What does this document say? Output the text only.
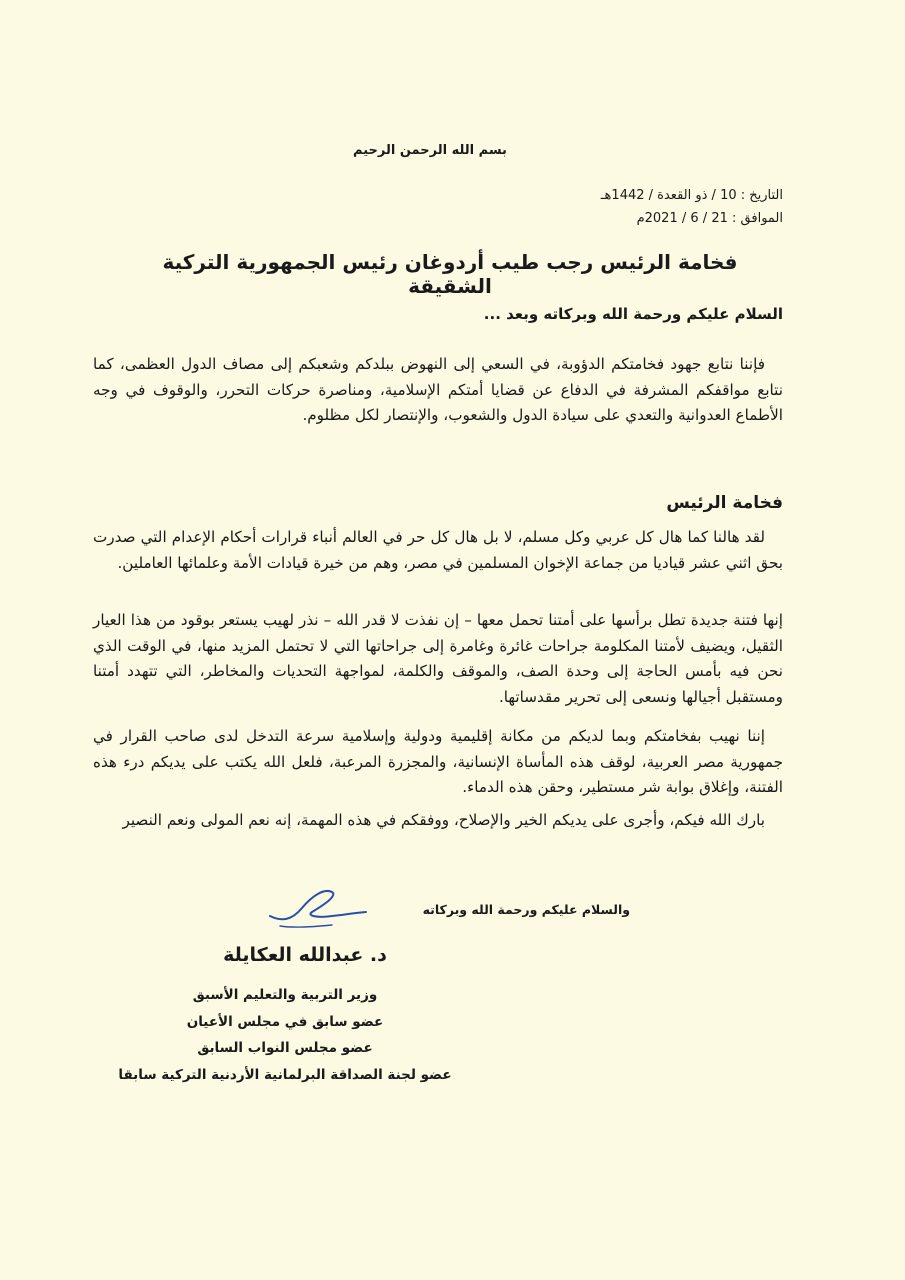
بسم الله الرحمن الرحيم
التاريخ : 10 / ذو القعدة / 1442هـ
الموافق : 21 / 6 / 2021م
فخامة الرئيس رجب طيب أردوغان رئيس الجمهورية التركية الشقيقة
السلام عليكم ورحمة الله وبركاته وبعد ...
فإننا نتابع جهود فخامتكم الدؤوبة، في السعي إلى النهوض ببلدكم وشعبكم إلى مصاف الدول العظمى، كما نتابع مواقفكم المشرفة في الدفاع عن قضايا أمتكم الإسلامية، ومناصرة حركات التحرر، والوقوف في وجه الأطماع العدوانية والتعدي على سيادة الدول والشعوب، والإنتصار لكل مظلوم.
فخامة الرئيس
لقد هالنا كما هال كل عربي وكل مسلم، لا بل هال كل حر في العالم أنباء قرارات أحكام الإعدام التي صدرت بحق اثني عشر قياديا من جماعة الإخوان المسلمين في مصر، وهم من خيرة قيادات الأمة وعلمائها العاملين.
إنها فتنة جديدة تطل برأسها على أمتنا تحمل معها – إن نفذت لا قدر الله – نذر لهيب يستعر بوقود من هذا العيار الثقيل، ويضيف لأمتنا المكلومة جراحات غائرة وغامرة إلى جراحاتها التي لا تحتمل المزيد منها، في الوقت الذي نحن فيه بأمس الحاجة إلى وحدة الصف، والموقف والكلمة، لمواجهة التحديات والمخاطر، التي تتهدد أمتنا ومستقبل أجيالها ونسعى إلى تحرير مقدساتها.
إننا نهيب بفخامتكم وبما لديكم من مكانة إقليمية ودولية وإسلامية سرعة التدخل لدى صاحب القرار في جمهورية مصر العربية، لوقف هذه المأساة الإنسانية، والمجزرة المرعبة، فلعل الله يكتب على يديكم درء هذه الفتنة، وإغلاق بوابة شر مستطير، وحقن هذه الدماء.
بارك الله فيكم، وأجرى على يديكم الخير والإصلاح، ووفقكم في هذه المهمة، إنه نعم المولى ونعم النصير
والسلام عليكم ورحمة الله وبركاته
د. عبدالله العكايلة
وزير التربية والتعليم الأسبق
عضو سابق في مجلس الأعيان
عضو مجلس النواب السابق
عضو لجنة الصداقة البرلمانية الأردنية التركية سابقا
